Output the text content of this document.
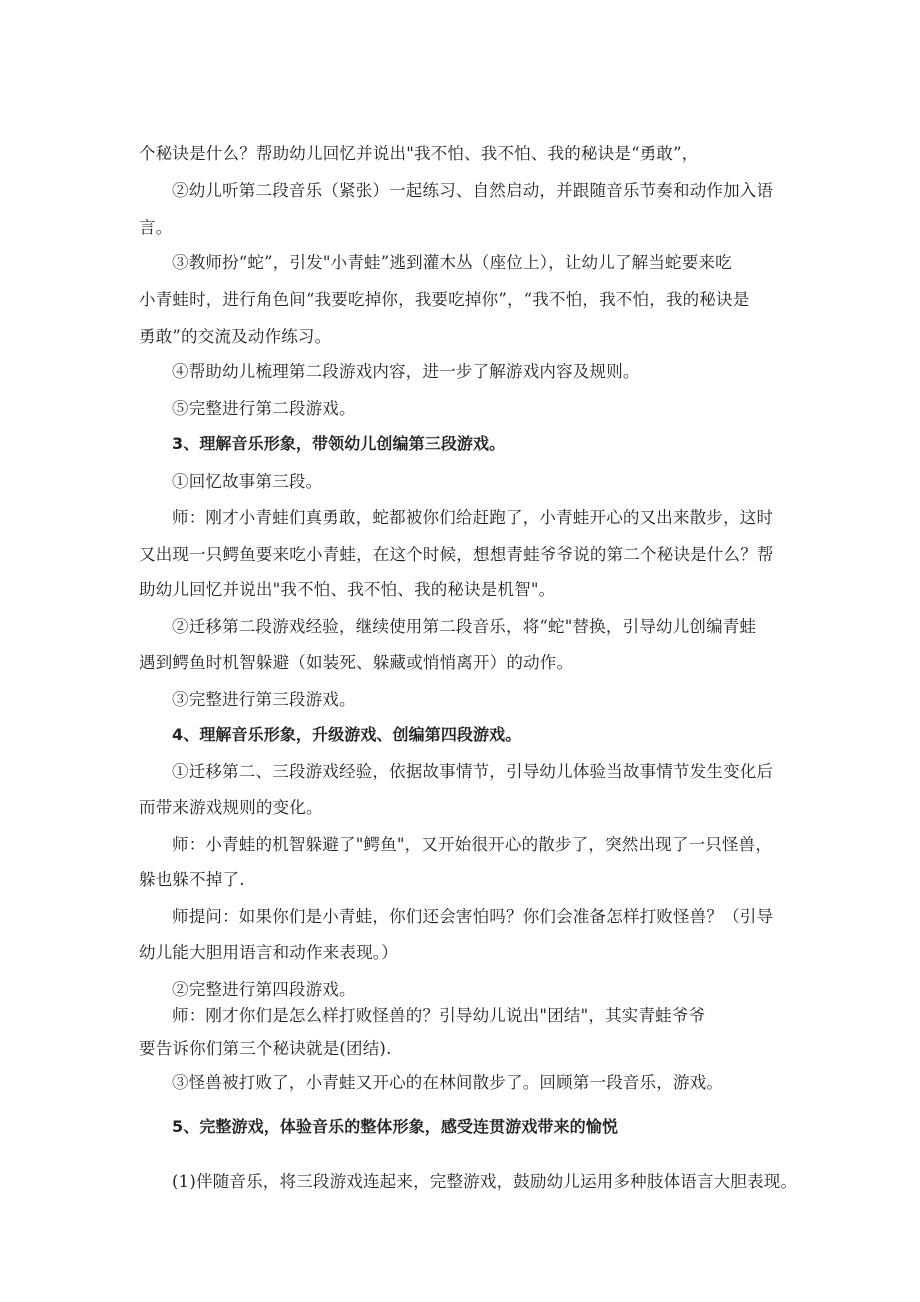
个秘诀是什么？帮助幼儿回忆并说出"我不怕、我不怕、我的秘诀是“勇敢”，

②幼儿听第二段音乐（紧张）一起练习、自然启动，并跟随音乐节奏和动作加入语

言。

③教师扮“蛇”，引发"小青蛙”逃到灌木丛（座位上），让幼儿了解当蛇要来吃

小青蛙时，进行角色间“我要吃掉你，我要吃掉你”，“我不怕，我不怕，我的秘诀是

勇敢”的交流及动作练习。

④帮助幼儿梳理第二段游戏内容，进一步了解游戏内容及规则。

⑤完整进行第二段游戏。

3、理解音乐形象，带领幼儿创编第三段游戏。

①回忆故事第三段。

师：刚才小青蛙们真勇敢，蛇都被你们给赶跑了，小青蛙开心的又出来散步，这时

又出现一只鳄鱼要来吃小青蛙，在这个时候，想想青蛙爷爷说的第二个秘诀是什么？帮

助幼儿回忆并说出"我不怕、我不怕、我的秘诀是机智"。

②迁移第二段游戏经验，继续使用第二段音乐，将“蛇"替换，引导幼儿创编青蛙

遇到鳄鱼时机智躲避（如装死、躲藏或悄悄离开）的动作。

③完整进行第三段游戏。

4、理解音乐形象，升级游戏、创编第四段游戏。

①迁移第二、三段游戏经验，依据故事情节，引导幼儿体验当故事情节发生变化后

而带来游戏规则的变化。

师：小青蛙的机智躲避了"鳄鱼"，又开始很开心的散步了，突然出现了一只怪兽，

躲也躲不掉了.

师提问：如果你们是小青蛙，你们还会害怕吗？你们会准备怎样打败怪兽？（引导

幼儿能大胆用语言和动作来表现。）

②完整进行第四段游戏。

师：刚才你们是怎么样打败怪兽的？引导幼儿说出"团结"，其实青蛙爷爷

要告诉你们第三个秘诀就是(团结).

③怪兽被打败了，小青蛙又开心的在林间散步了。回顾第一段音乐，游戏。

5、完整游戏，体验音乐的整体形象，感受连贯游戏带来的愉悦

(1)伴随音乐，将三段游戏连起来，完整游戏，鼓励幼儿运用多种肢体语言大胆表现。
